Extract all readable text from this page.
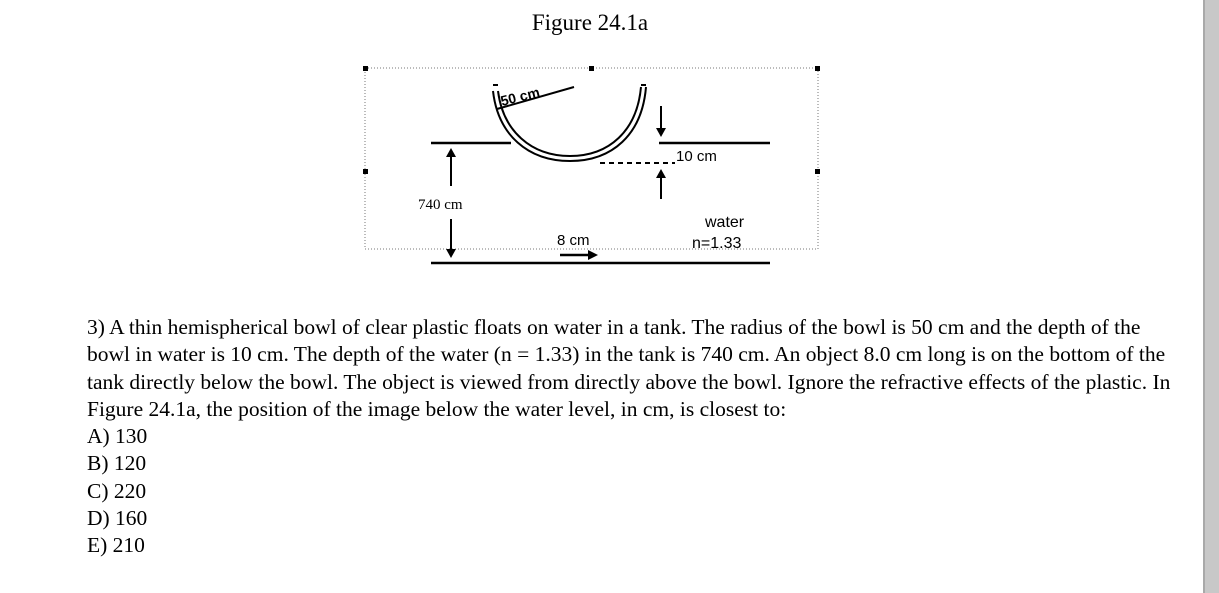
Figure 24.1a
50 cm
10 cm
740 cm
8 cm
water
n=1.33

3) A thin hemispherical bowl of clear plastic floats on water in a tank. The radius of the bowl is 50 cm and the depth of the bowl in water is 10 cm. The depth of the water (n = 1.33) in the tank is 740 cm. An object 8.0 cm long is on the bottom of the tank directly below the bowl. The object is viewed from directly above the bowl. Ignore the refractive effects of the plastic. In Figure 24.1a, the position of the image below the water level, in cm, is closest to:

A) 130
B) 120
C) 220
D) 160
E) 210
